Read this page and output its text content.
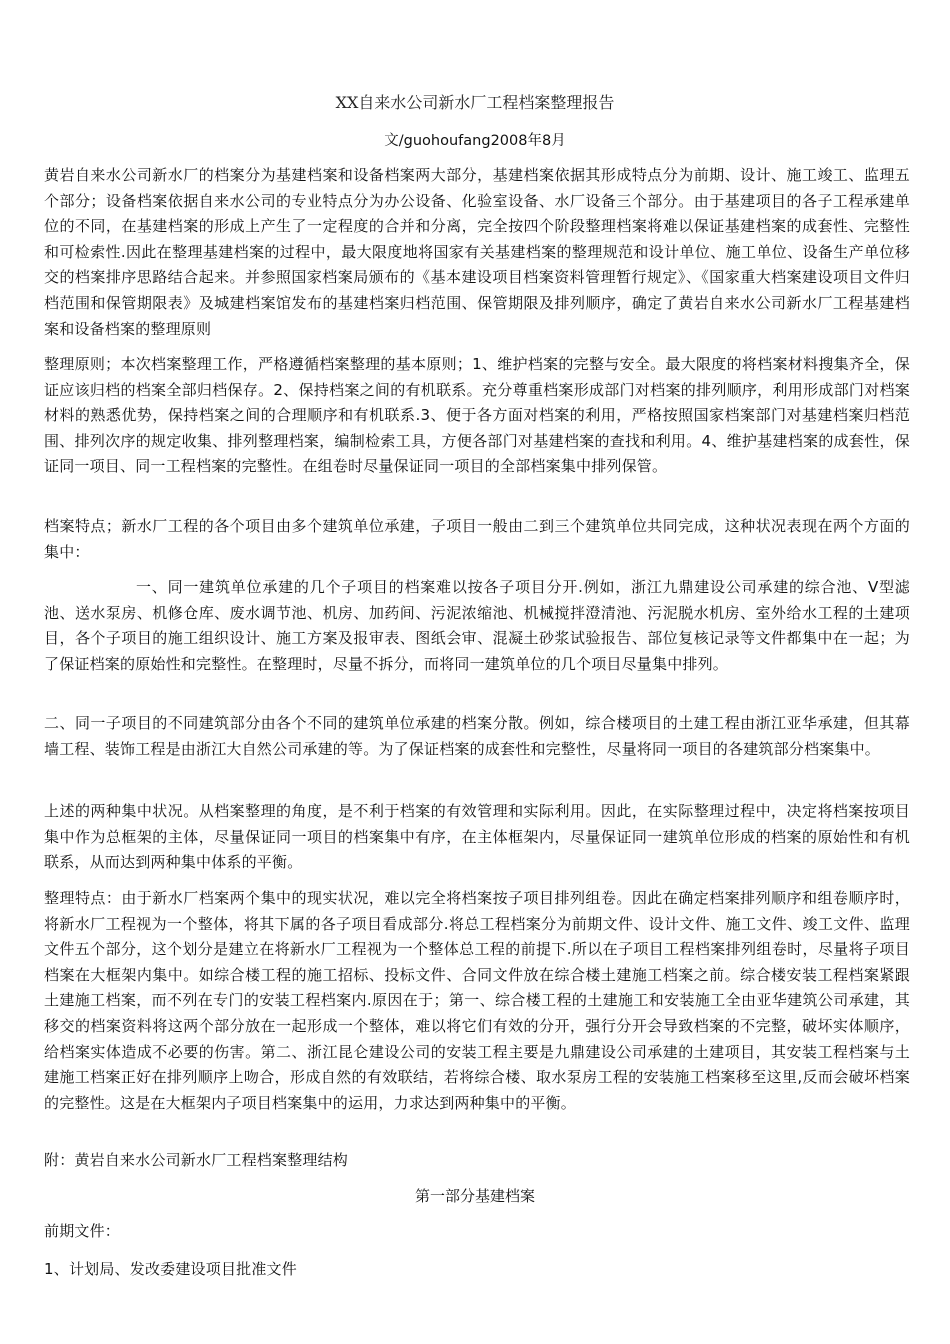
XX自来水公司新水厂工程档案整理报告
文/guohoufang2008年8月

黄岩自来水公司新水厂的档案分为基建档案和设备档案两大部分，基建档案依据其形成特点分为前期、设计、施工竣工、监理五个部分；设备档案依据自来水公司的专业特点分为办公设备、化验室设备、水厂设备三个部分。由于基建项目的各子工程承建单位的不同，在基建档案的形成上产生了一定程度的合并和分离，完全按四个阶段整理档案将难以保证基建档案的成套性、完整性和可检索性.因此在整理基建档案的过程中，最大限度地将国家有关基建档案的整理规范和设计单位、施工单位、设备生产单位移交的档案排序思路结合起来。并参照国家档案局颁布的《基本建设项目档案资料管理暂行规定》、《国家重大档案建设项目文件归档范围和保管期限表》及城建档案馆发布的基建档案归档范围、保管期限及排列顺序，确定了黄岩自来水公司新水厂工程基建档案和设备档案的整理原则

整理原则；本次档案整理工作，严格遵循档案整理的基本原则；1、维护档案的完整与安全。最大限度的将档案材料搜集齐全，保证应该归档的档案全部归档保存。2、保持档案之间的有机联系。充分尊重档案形成部门对档案的排列顺序，利用形成部门对档案材料的熟悉优势，保持档案之间的合理顺序和有机联系.3、便于各方面对档案的利用，严格按照国家档案部门对基建档案归档范围、排列次序的规定收集、排列整理档案，编制检索工具，方便各部门对基建档案的查找和利用。4、维护基建档案的成套性，保证同一项目、同一工程档案的完整性。在组卷时尽量保证同一项目的全部档案集中排列保管。

档案特点；新水厂工程的各个项目由多个建筑单位承建，子项目一般由二到三个建筑单位共同完成，这种状况表现在两个方面的集中：

一、同一建筑单位承建的几个子项目的档案难以按各子项目分开.例如，浙江九鼎建设公司承建的综合池、V型滤池、送水泵房、机修仓库、废水调节池、机房、加药间、污泥浓缩池、机械搅拌澄清池、污泥脱水机房、室外给水工程的土建项目，各个子项目的施工组织设计、施工方案及报审表、图纸会审、混凝土砂浆试验报告、部位复核记录等文件都集中在一起；为了保证档案的原始性和完整性。在整理时，尽量不拆分，而将同一建筑单位的几个项目尽量集中排列。

二、同一子项目的不同建筑部分由各个不同的建筑单位承建的档案分散。例如，综合楼项目的土建工程由浙江亚华承建，但其幕墙工程、装饰工程是由浙江大自然公司承建的等。为了保证档案的成套性和完整性，尽量将同一项目的各建筑部分档案集中。

上述的两种集中状况。从档案整理的角度，是不利于档案的有效管理和实际利用。因此，在实际整理过程中，决定将档案按项目集中作为总框架的主体，尽量保证同一项目的档案集中有序，在主体框架内，尽量保证同一建筑单位形成的档案的原始性和有机联系，从而达到两种集中体系的平衡。

整理特点：由于新水厂档案两个集中的现实状况，难以完全将档案按子项目排列组卷。因此在确定档案排列顺序和组卷顺序时，将新水厂工程视为一个整体，将其下属的各子项目看成部分.将总工程档案分为前期文件、设计文件、施工文件、竣工文件、监理文件五个部分，这个划分是建立在将新水厂工程视为一个整体总工程的前提下.所以在子项目工程档案排列组卷时，尽量将子项目档案在大框架内集中。如综合楼工程的施工招标、投标文件、合同文件放在综合楼土建施工档案之前。综合楼安装工程档案紧跟土建施工档案，而不列在专门的安装工程档案内.原因在于；第一、综合楼工程的土建施工和安装施工全由亚华建筑公司承建，其移交的档案资料将这两个部分放在一起形成一个整体，难以将它们有效的分开，强行分开会导致档案的不完整，破坏实体顺序，给档案实体造成不必要的伤害。第二、浙江昆仑建设公司的安装工程主要是九鼎建设公司承建的土建项目，其安装工程档案与土建施工档案正好在排列顺序上吻合，形成自然的有效联结，若将综合楼、取水泵房工程的安装施工档案移至这里,反而会破坏档案的完整性。这是在大框架内子项目档案集中的运用，力求达到两种集中的平衡。

附：黄岩自来水公司新水厂工程档案整理结构

第一部分基建档案

前期文件：

1、计划局、发改委建设项目批准文件
